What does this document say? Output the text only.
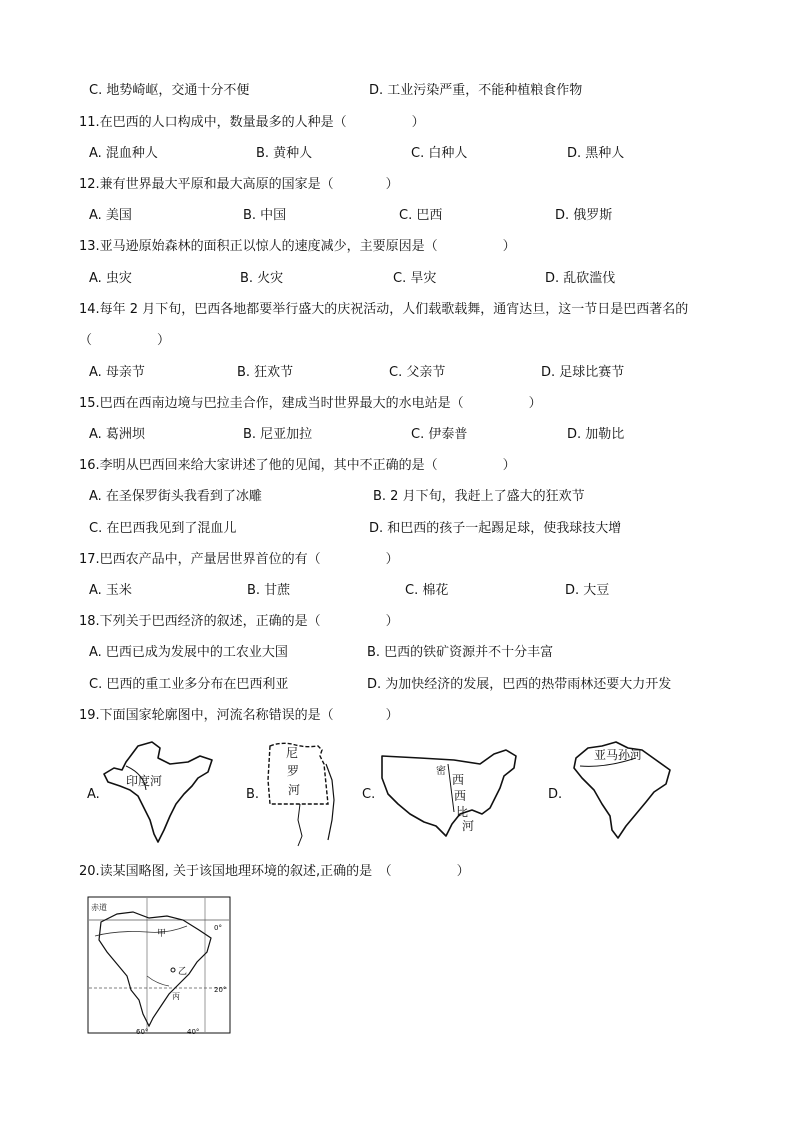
C. 地势崎岖，交通十分不便	D. 工业污染严重，不能种植粮食作物
11.在巴西的人口构成中，数量最多的人种是（　　　　　）
A. 混血种人	B. 黄种人	C. 白种人	D. 黑种人
12.兼有世界最大平原和最大高原的国家是（　　　　）
A. 美国	B. 中国	C. 巴西	D. 俄罗斯
13.亚马逊原始森林的面积正以惊人的速度减少，主要原因是（　　　　　）
A. 虫灾	B. 火灾	C. 旱灾	D. 乱砍滥伐
14.每年 2 月下旬，巴西各地都要举行盛大的庆祝活动，人们载歌载舞，通宵达旦，这一节日是巴西著名的
（　　　　　）
A. 母亲节	B. 狂欢节	C. 父亲节	D. 足球比赛节
15.巴西在西南边境与巴拉圭合作，建成当时世界最大的水电站是（　　　　　）
A. 葛洲坝	B. 尼亚加拉	C. 伊泰普	D. 加勒比
16.李明从巴西回来给大家讲述了他的见闻，其中不正确的是（　　　　　）
A. 在圣保罗街头我看到了冰雕	B. 2 月下旬，我赶上了盛大的狂欢节
C. 在巴西我见到了混血儿	D. 和巴西的孩子一起踢足球，使我球技大增
17.巴西农产品中，产量居世界首位的有（　　　　　）
A. 玉米	B. 甘蔗	C. 棉花	D. 大豆
18.下列关于巴西经济的叙述，正确的是（　　　　　）
A. 巴西已成为发展中的工农业大国	B. 巴西的铁矿资源并不十分丰富
C. 巴西的重工业多分布在巴西利亚	D. 为加快经济的发展，巴西的热带雨林还要大力开发
19.下面国家轮廓图中，河流名称错误的是（　　　　）
A.	B.	C.	D.
印度河
尼
罗
河
密
西
西
比
河
亚马孙河
20.读某国略图, 关于该国地理环境的叙述,正确的是　（　　　　　）
赤道
甲
乙
丙
0°
20°
60°	40°
